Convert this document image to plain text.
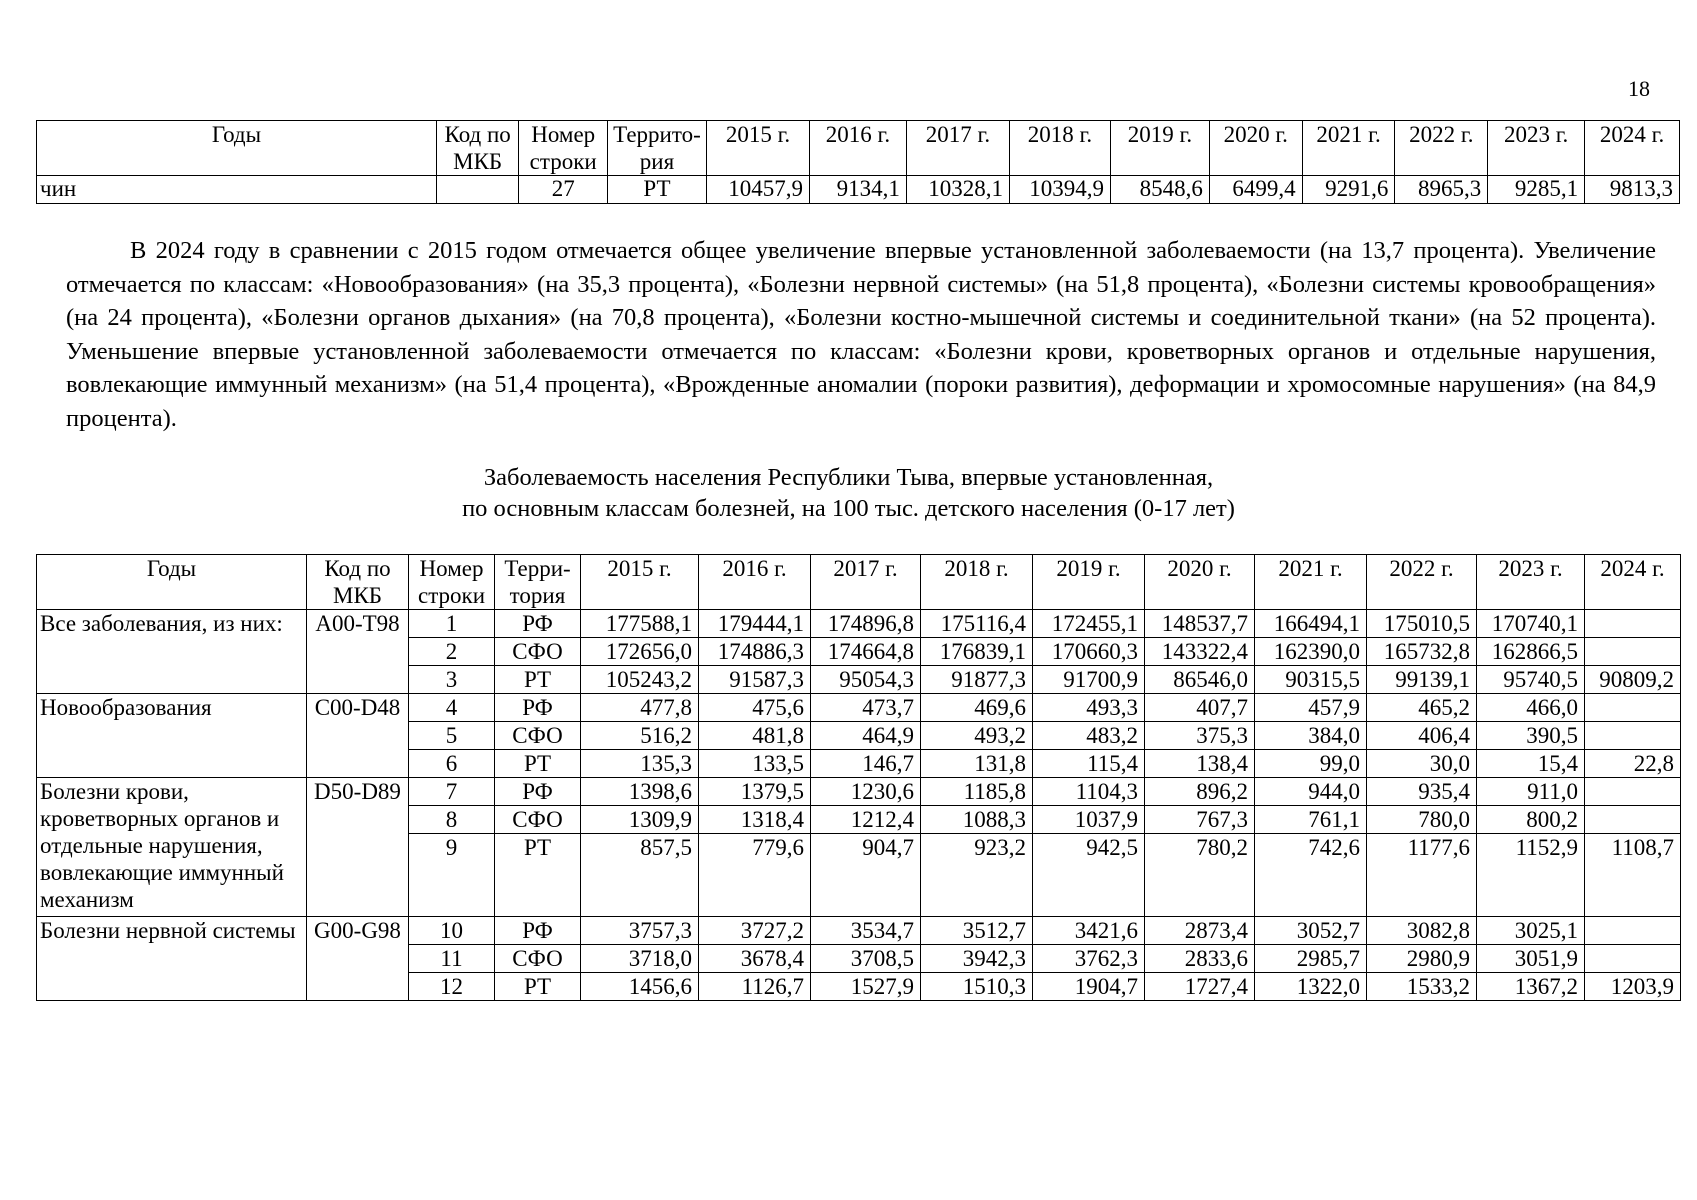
18
Годы	Код по МКБ	Номер строки	Террито-рия	2015 г.	2016 г.	2017 г.	2018 г.	2019 г.	2020 г.	2021 г.	2022 г.	2023 г.	2024 г.
чин		27	РТ	10457,9	9134,1	10328,1	10394,9	8548,6	6499,4	9291,6	8965,3	9285,1	9813,3
В 2024 году в сравнении с 2015 годом отмечается общее увеличение впервые установленной заболеваемости (на 13,7 процента). Увеличение отмечается по классам: «Новообразования» (на 35,3 процента), «Болезни нервной системы» (на 51,8 процента), «Болезни системы кровообращения» (на 24 процента), «Болезни органов дыхания» (на 70,8 процента), «Болезни костно-мышечной системы и соединительной ткани» (на 52 процента). Уменьшение впервые установленной заболеваемости отмечается по классам: «Болезни крови, кроветворных органов и отдельные нарушения, вовлекающие иммунный механизм» (на 51,4 процента), «Врожденные аномалии (пороки развития), деформации и хромосомные нарушения» (на 84,9 процента).
Заболеваемость населения Республики Тыва, впервые установленная,
по основным классам болезней, на 100 тыс. детского населения (0-17 лет)
Годы	Код по МКБ	Номер строки	Терри-тория	2015 г.	2016 г.	2017 г.	2018 г.	2019 г.	2020 г.	2021 г.	2022 г.	2023 г.	2024 г.
Все заболевания, из них:	А00-Т98	1	РФ	177588,1	179444,1	174896,8	175116,4	172455,1	148537,7	166494,1	175010,5	170740,1	
		2	СФО	172656,0	174886,3	174664,8	176839,1	170660,3	143322,4	162390,0	165732,8	162866,5	
		3	РТ	105243,2	91587,3	95054,3	91877,3	91700,9	86546,0	90315,5	99139,1	95740,5	90809,2
Новообразования	С00-D48	4	РФ	477,8	475,6	473,7	469,6	493,3	407,7	457,9	465,2	466,0	
		5	СФО	516,2	481,8	464,9	493,2	483,2	375,3	384,0	406,4	390,5	
		6	РТ	135,3	133,5	146,7	131,8	115,4	138,4	99,0	30,0	15,4	22,8
Болезни крови, кроветворных органов и отдельные нарушения, вовлекающие иммунный механизм	D50-D89	7	РФ	1398,6	1379,5	1230,6	1185,8	1104,3	896,2	944,0	935,4	911,0	
		8	СФО	1309,9	1318,4	1212,4	1088,3	1037,9	767,3	761,1	780,0	800,2	
		9	РТ	857,5	779,6	904,7	923,2	942,5	780,2	742,6	1177,6	1152,9	1108,7
Болезни нервной системы	G00-G98	10	РФ	3757,3	3727,2	3534,7	3512,7	3421,6	2873,4	3052,7	3082,8	3025,1	
		11	СФО	3718,0	3678,4	3708,5	3942,3	3762,3	2833,6	2985,7	2980,9	3051,9	
		12	РТ	1456,6	1126,7	1527,9	1510,3	1904,7	1727,4	1322,0	1533,2	1367,2	1203,9
